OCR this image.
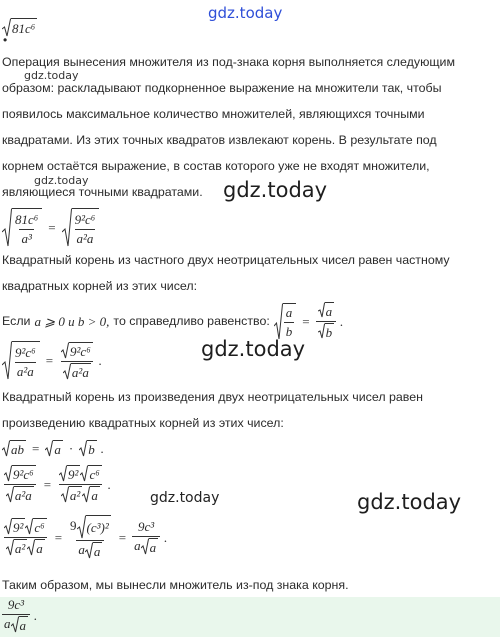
gdz.today
gdz.today
gdz.today	gdz.today
gdz.today
gdz.today	gdz.today
81c⁶
•
Операция вынесения множителя из под-знака корня выполняется следующим
образом: раскладывают подкорненное выражение на множители так, чтобы
появилось максимальное количество множителей, являющихся точными
квадратами. Из этих точных квадратов извлекают корень. В результате под
корнем остаётся выражение, в состав которого уже не входят множители,
являющиеся точными квадратами.
$\frac{\text{81c⁶}}{\text{a³}} = \frac{\text{9²c⁶}}{\text{a²a}}$
Квадратный корень из частного двух неотрицательных чисел равен частному
квадратных корней из этих чисел:
Если a ⩾ 0 и b > 0, то справедливо равенство: $\frac{a}{b} = \frac{a}{b}$ .
$\frac{\text{9²c⁶}}{\text{a²a}} = \frac{\text{9²c⁶}}{\text{a²a}}$ .
Квадратный корень из произведения двух неотрицательных чисел равен
произведению квадратных корней из этих чисел:
ab = a · b .
$\frac{\text{9²c⁶}}{\text{a²a}} = \frac{\text{9² c⁶}}{\text{a² a}}$ .
$\frac{\text{9² c⁶}}{\text{a² a}} = \frac{\text{9 (c³)²}}{\text{a a}} = \frac{\text{9c³}}{\text{a a}}$ .
Таким образом, мы вынесли множитель из-под знака корня.
$\frac{\text{9c³}}{\text{a a}}$ .
